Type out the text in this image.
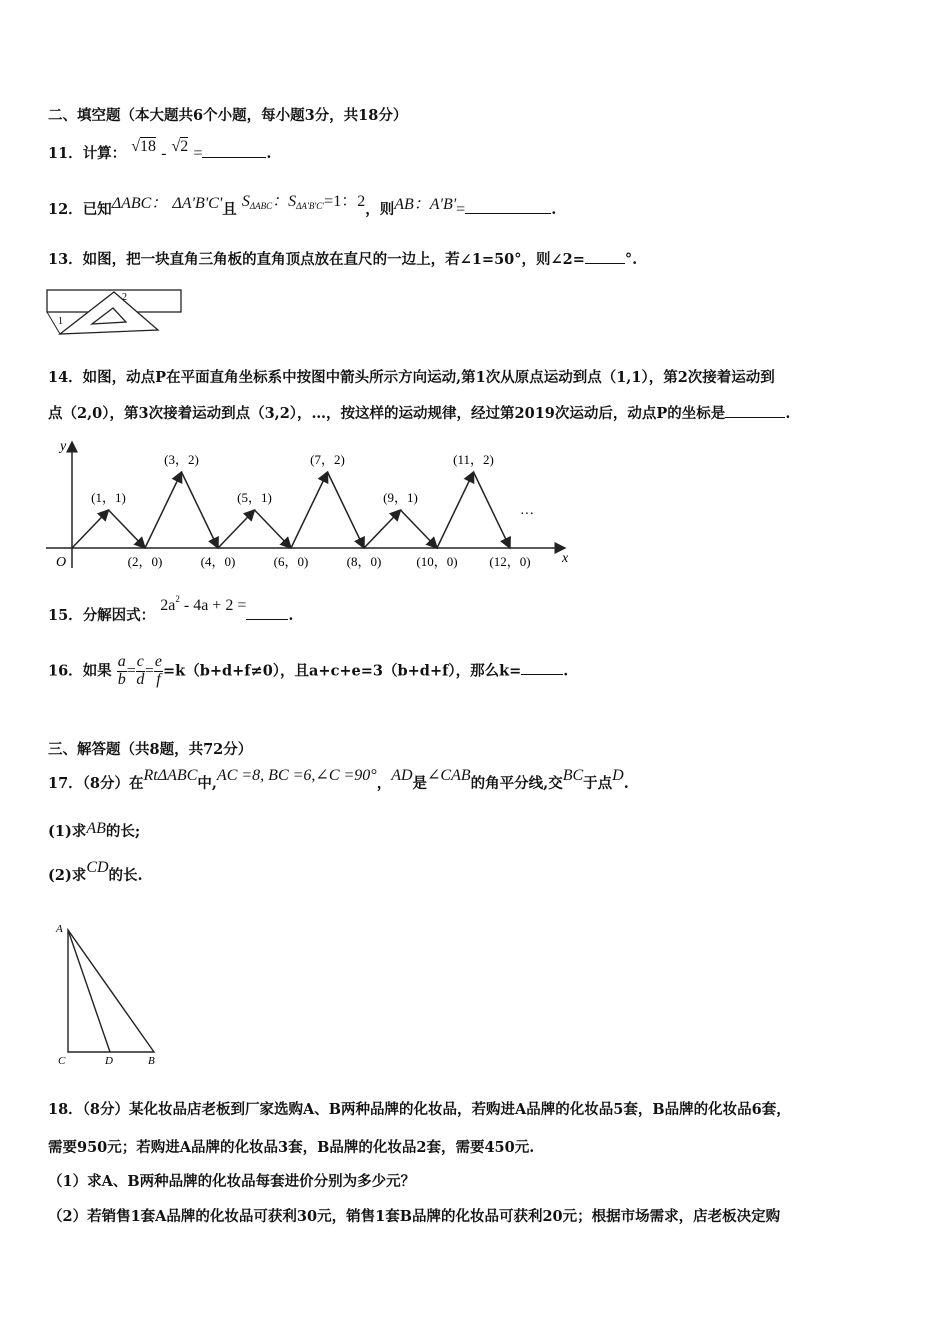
二、填空题（本大题共6个小题，每小题3分，共18分）
11．计算： √18 - √2 =	.
12．已知ΔABC： ΔA'B'C'且 $S_{\Delta ABC}$：$S_{\Delta A'B'C'}=1$：2，则AB：A'B'=	.
13．如图，把一块直角三角板的直角顶点放在直尺的一边上，若∠1=50°，则∠2=	°.
1
2
14．如图，动点P在平面直角坐标系中按图中箭头所示方向运动,第1次从原点运动到点（1,1），第2次接着运动到
点（2,0），第3次接着运动到点（3,2），…，按这样的运动规律，经过第2019次运动后，动点P的坐标是	.
y
x
O
···
(1，1)
(2，0)
(3，2)
(4，0)
(5，1)
(6，0)
(7，2)
(8，0)
(9，1)
(10，0)
(11，2)
(12，0)
15．分解因式： $2a^2 - 4a + 2$ =.
16．如果 $\frac{a}{b} = \frac{c}{d} = \frac{e}{f} =k(b+d+f\ne 0)$，且a+c+e=3（b+d+f），那么k=	.
三、解答题（共8题，共72分）
17．（8分）在RtΔABC中,AC =8, BC =6,∠C =90°，AD是∠CAB的角平分线,交BC于点D.
(1)求AB的长;
(2)求CD的长.
A
C	D	B
18．（8分）某化妆品店老板到厂家选购A、B两种品牌的化妆品，若购进A品牌的化妆品5套，B品牌的化妆品6套，
需要950元；若购进A品牌的化妆品3套，B品牌的化妆品2套，需要450元.
（1）求A、B两种品牌的化妆品每套进价分别为多少元？
（2）若销售1套A品牌的化妆品可获利30元，销售1套B品牌的化妆品可获利20元；根据市场需求，店老板决定购
